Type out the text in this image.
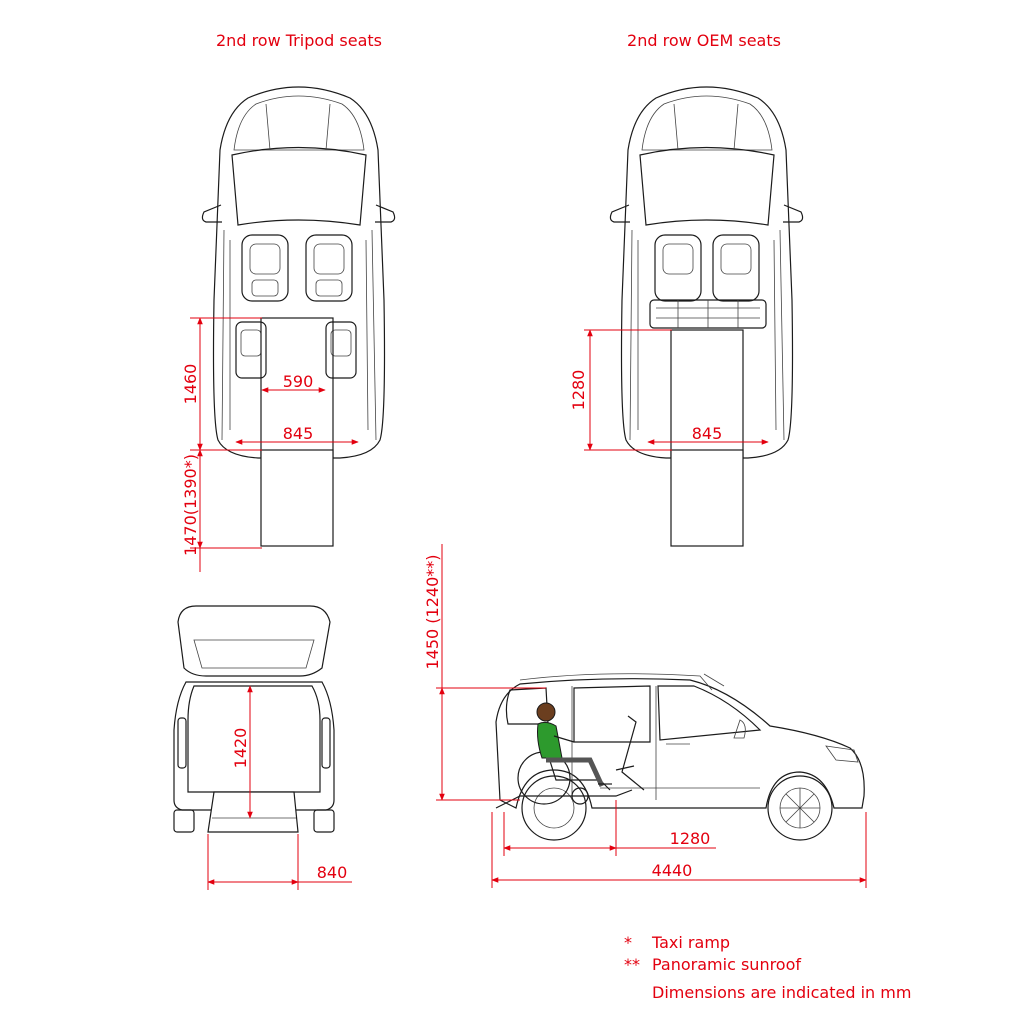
2nd row Tripod seats	2nd row OEM seats
1460
1470(1390*)
590
845
1280
845
1420
840
1450 (1240**)
1280
4440
* Taxi ramp
** Panoramic sunroof
Dimensions are indicated in mm
